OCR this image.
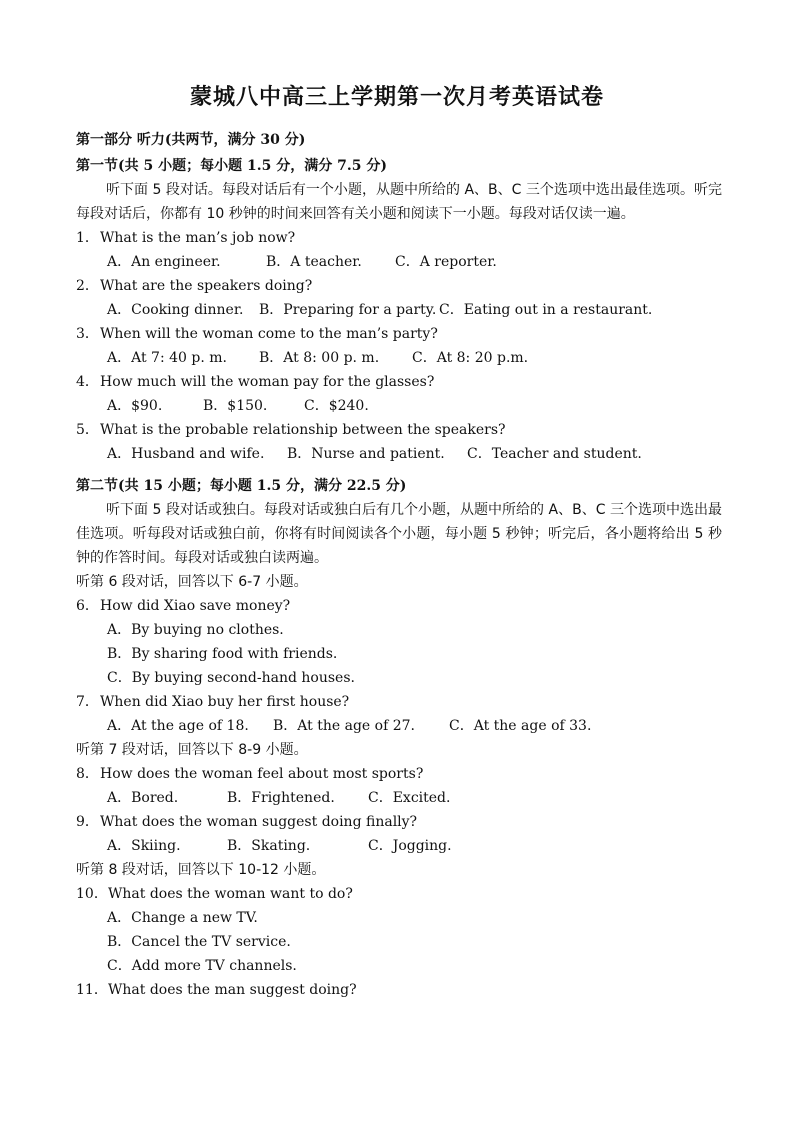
蒙城八中高三上学期第一次月考英语试卷
第一部分 听力(共两节，满分 30 分)
第一节(共 5 小题；每小题 1.5 分，满分 7.5 分)

听下面 5 段对话。每段对话后有一个小题，从题中所给的 A、B、C 三个选项中选出最佳选项。听完每段对话后，你都有 10 秒钟的时间来回答有关小题和阅读下一小题。每段对话仅读一遍。

1．What is the man’s job now?
A．An engineer.	B．A teacher. C．A reporter.
2．What are the speakers doing?
A．Cooking dinner. B．Preparing for a party. C．Eating out in a restaurant.
3．When will the woman come to the man’s party?
A．At 7: 40 p. m. B．At 8: 00 p. m. C．At 8: 20 p.m.
4．How much will the woman pay for the glasses?
A．$90.	B．$150.	C．$240.
5．What is the probable relationship between the speakers?
A．Husband and wife. B．Nurse and patient. C．Teacher and student.
第二节(共 15 小题；每小题 1.5 分，满分 22.5 分)

听下面 5 段对话或独白。每段对话或独白后有几个小题，从题中所给的 A、B、C 三个选项中选出最佳选项。听每段对话或独白前，你将有时间阅读各个小题，每小题 5 秒钟；听完后，各小题将给出 5 秒钟的作答时间。每段对话或独白读两遍。

听第 6 段对话，回答以下 6-7 小题。
6．How did Xiao save money?
A．By buying no clothes.
B．By sharing food with friends.
C．By buying second-hand houses.
7．When did Xiao buy her first house?
A．At the age of 18. B．At the age of 27. C．At the age of 33.
听第 7 段对话，回答以下 8-9 小题。
8．How does the woman feel about most sports?
A．Bored.	B．Frightened. C．Excited.
9．What does the woman suggest doing finally?
A．Skiing.	B．Skating.	C．Jogging.
听第 8 段对话，回答以下 10-12 小题。
10．What does the woman want to do?
A．Change a new TV.
B．Cancel the TV service.
C．Add more TV channels.
11．What does the man suggest doing?
